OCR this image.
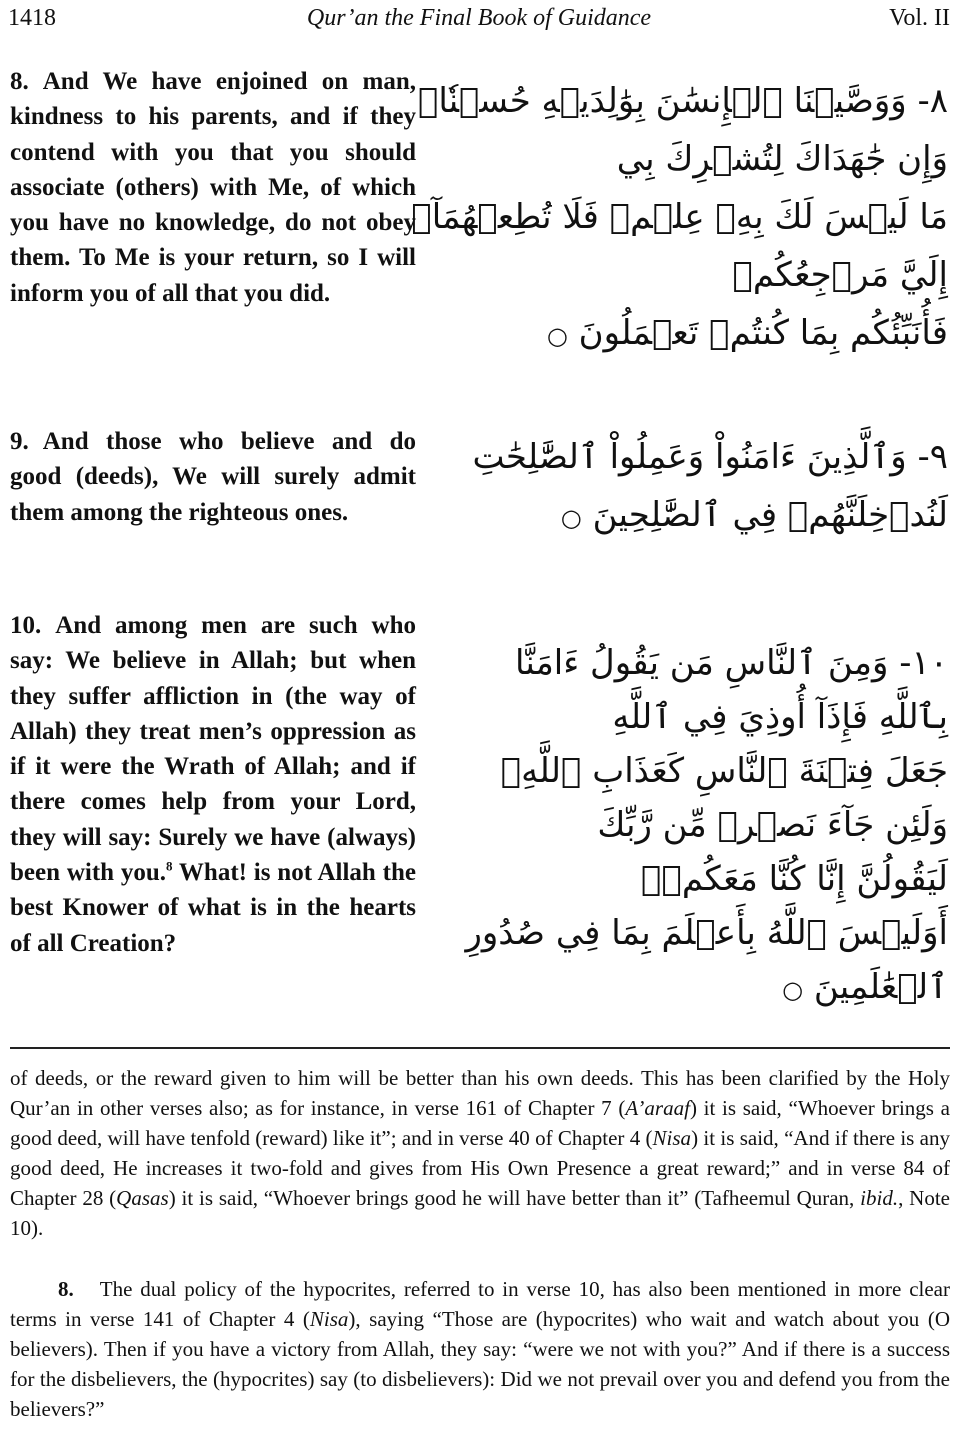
Qur’an the Final Book of Guidance
1418	Vol. II

8. And We have enjoined on man, kindness to his parents, and if they contend with you that you should associate (others) with Me, of which you have no knowledge, do not obey them. To Me is your return, so I will inform you of all that you did.

٨- وَوَصَّيۡنَا ٱلۡإِنسَٰنَ بِوَٰلِدَيۡهِ حُسۡنٗاۖ
وَإِن جَٰهَدَاكَ لِتُشۡرِكَ بِي
مَا لَيۡسَ لَكَ بِهِۦ عِلۡمٞ فَلَا تُطِعۡهُمَآۚ
إِلَيَّ مَرۡجِعُكُمۡ
فَأُنَبِّئُكُم بِمَا كُنتُمۡ تَعۡمَلُونَ ○

9. And those who believe and do good (deeds), We will surely admit them among the righteous ones.

٩- وَٱلَّذِينَ ءَامَنُواْ وَعَمِلُواْ ٱلصَّٰلِحَٰتِ
لَنُدۡخِلَنَّهُمۡ فِي ٱلصَّٰلِحِينَ ○

10. And among men are such who say: We believe in Allah; but when they suffer affliction in (the way of Allah) they treat men’s oppression as if it were the Wrath of Allah; and if there comes help from your Lord, they will say: Surely we have (always) been with you.$^8$ What! is not Allah the best Knower of what is in the hearts of all Creation?

١٠- وَمِنَ ٱلنَّاسِ مَن يَقُولُ ءَامَنَّا
بِٱللَّهِ فَإِذَآ أُوذِيَ فِي ٱللَّهِ
جَعَلَ فِتۡنَةَ ٱلنَّاسِ كَعَذَابِ ٱللَّهِۖ
وَلَئِن جَآءَ نَصۡرٞ مِّن رَّبِّكَ
لَيَقُولُنَّ إِنَّا كُنَّا مَعَكُمۡۚ
أَوَلَيۡسَ ٱللَّهُ بِأَعۡلَمَ بِمَا فِي صُدُورِ
ٱلۡعَٰلَمِينَ ○

of deeds, or the reward given to him will be better than his own deeds. This has been clarified by the Holy Qur’an in other verses also; as for instance, in verse 161 of Chapter 7 (A’araaf) it is said, “Whoever brings a good deed, will have tenfold (reward) like it”; and in verse 40 of Chapter 4 (Nisa) it is said, “And if there is any good deed, He increases it two-fold and gives from His Own Presence a great reward;” and in verse 84 of Chapter 28 (Qasas) it is said, “Whoever brings good he will have better than it” (Tafheemul Quran, ibid., Note 10).

8. The dual policy of the hypocrites, referred to in verse 10, has also been mentioned in more clear terms in verse 141 of Chapter 4 (Nisa), saying “Those are (hypocrites) who wait and watch about you (O believers). Then if you have a victory from Allah, they say: “were we not with you?” And if there is a success for the disbelievers, the (hypocrites) say (to disbelievers): Did we not prevail over you and defend you from the believers?”
